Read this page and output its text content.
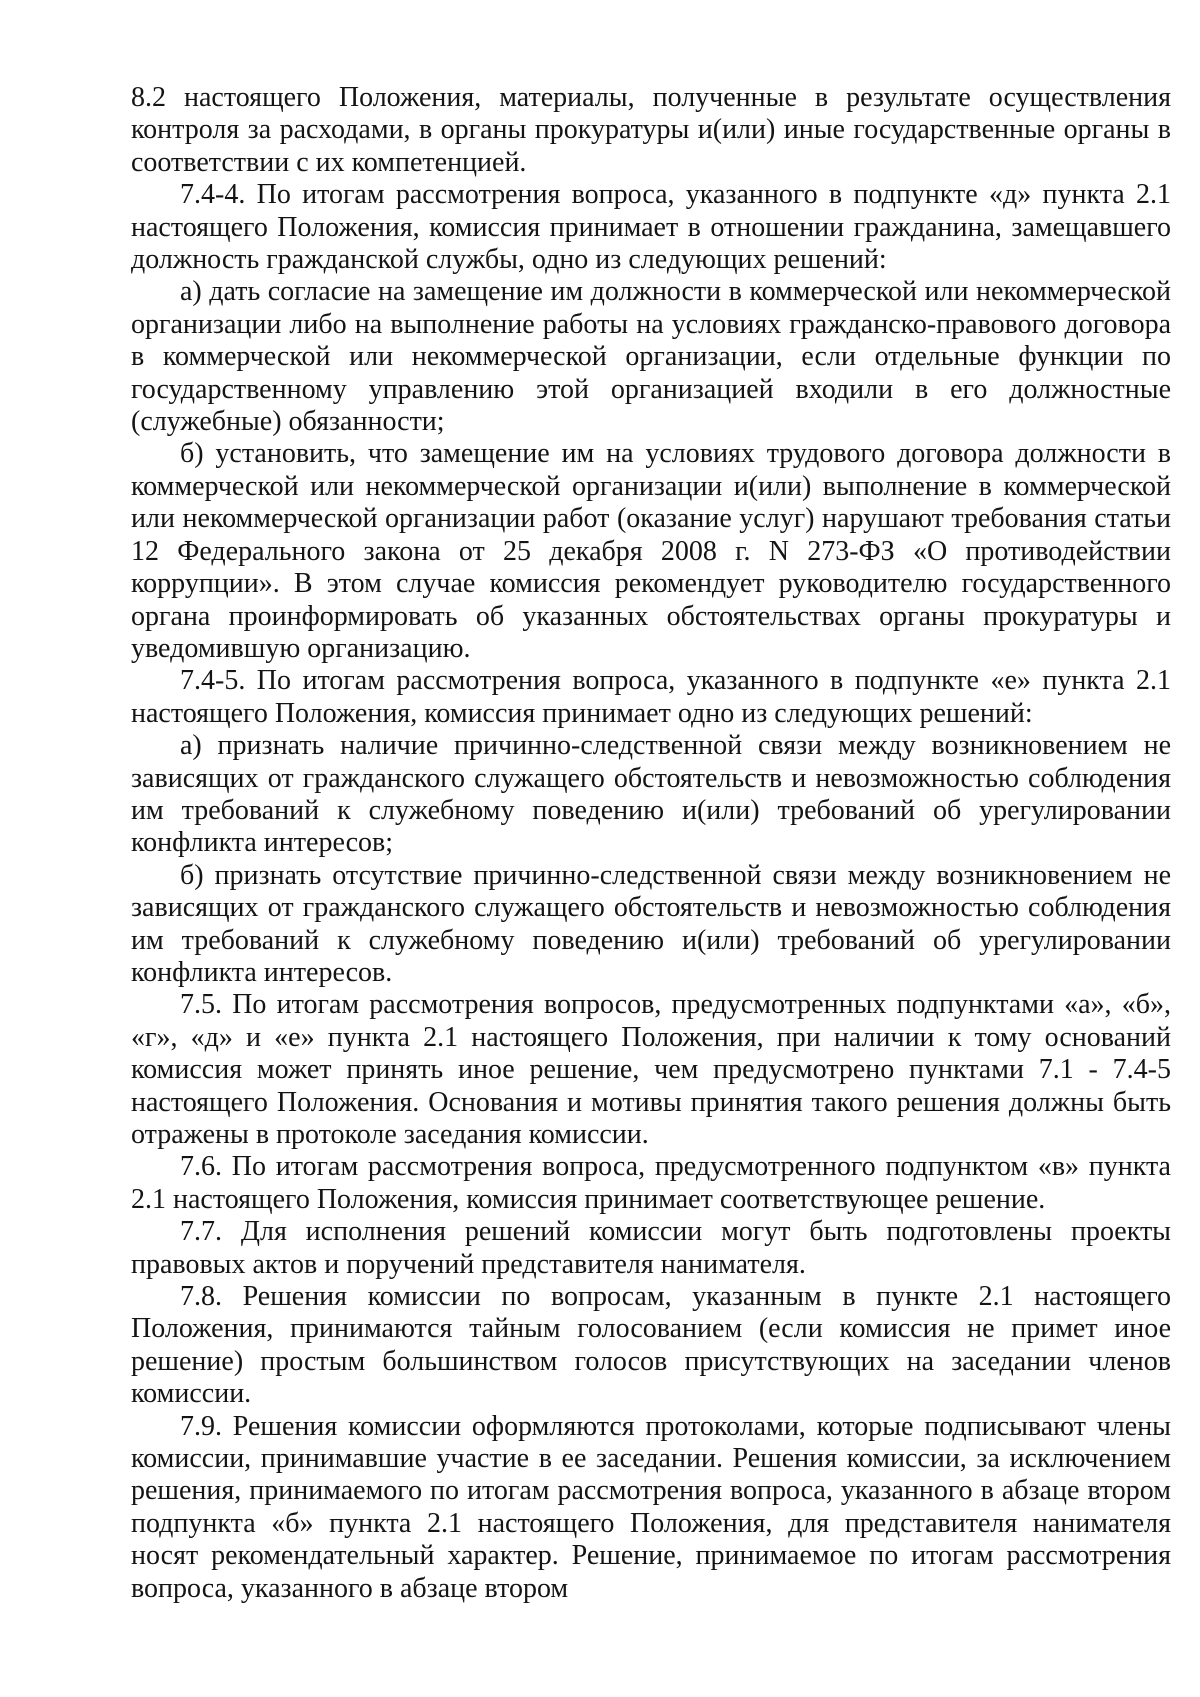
8.2 настоящего Положения, материалы, полученные в результате осуществления контроля за расходами, в органы прокуратуры и(или) иные государственные органы в соответствии с их компетенцией.

7.4-4. По итогам рассмотрения вопроса, указанного в подпункте «д» пункта 2.1 настоящего Положения, комиссия принимает в отношении гражданина, замещавшего должность гражданской службы, одно из следующих решений:

а) дать согласие на замещение им должности в коммерческой или некоммерческой организации либо на выполнение работы на условиях гражданско-правового договора в коммерческой или некоммерческой организации, если отдельные функции по государственному управлению этой организацией входили в его должностные (служебные) обязанности;

б) установить, что замещение им на условиях трудового договора должности в коммерческой или некоммерческой организации и(или) выполнение в коммерческой или некоммерческой организации работ (оказание услуг) нарушают требования статьи 12 Федерального закона от 25 декабря 2008 г. N 273-ФЗ «О противодействии коррупции». В этом случае комиссия рекомендует руководителю государственного органа проинформировать об указанных обстоятельствах органы прокуратуры и уведомившую организацию.

7.4-5. По итогам рассмотрения вопроса, указанного в подпункте «е» пункта 2.1 настоящего Положения, комиссия принимает одно из следующих решений:

а) признать наличие причинно-следственной связи между возникновением не зависящих от гражданского служащего обстоятельств и невозможностью соблюдения им требований к служебному поведению и(или) требований об урегулировании конфликта интересов;

б) признать отсутствие причинно-следственной связи между возникновением не зависящих от гражданского служащего обстоятельств и невозможностью соблюдения им требований к служебному поведению и(или) требований об урегулировании конфликта интересов.

7.5. По итогам рассмотрения вопросов, предусмотренных подпунктами «а», «б», «г», «д» и «е» пункта 2.1 настоящего Положения, при наличии к тому оснований комиссия может принять иное решение, чем предусмотрено пунктами 7.1 - 7.4-5 настоящего Положения. Основания и мотивы принятия такого решения должны быть отражены в протоколе заседания комиссии.

7.6. По итогам рассмотрения вопроса, предусмотренного подпунктом «в» пункта 2.1 настоящего Положения, комиссия принимает соответствующее решение.

7.7. Для исполнения решений комиссии могут быть подготовлены проекты правовых актов и поручений представителя нанимателя.

7.8. Решения комиссии по вопросам, указанным в пункте 2.1 настоящего Положения, принимаются тайным голосованием (если комиссия не примет иное решение) простым большинством голосов присутствующих на заседании членов комиссии.

7.9. Решения комиссии оформляются протоколами, которые подписывают члены комиссии, принимавшие участие в ее заседании. Решения комиссии, за исключением решения, принимаемого по итогам рассмотрения вопроса, указанного в абзаце втором подпункта «б» пункта 2.1 настоящего Положения, для представителя нанимателя носят рекомендательный характер. Решение, принимаемое по итогам рассмотрения вопроса, указанного в абзаце втором
